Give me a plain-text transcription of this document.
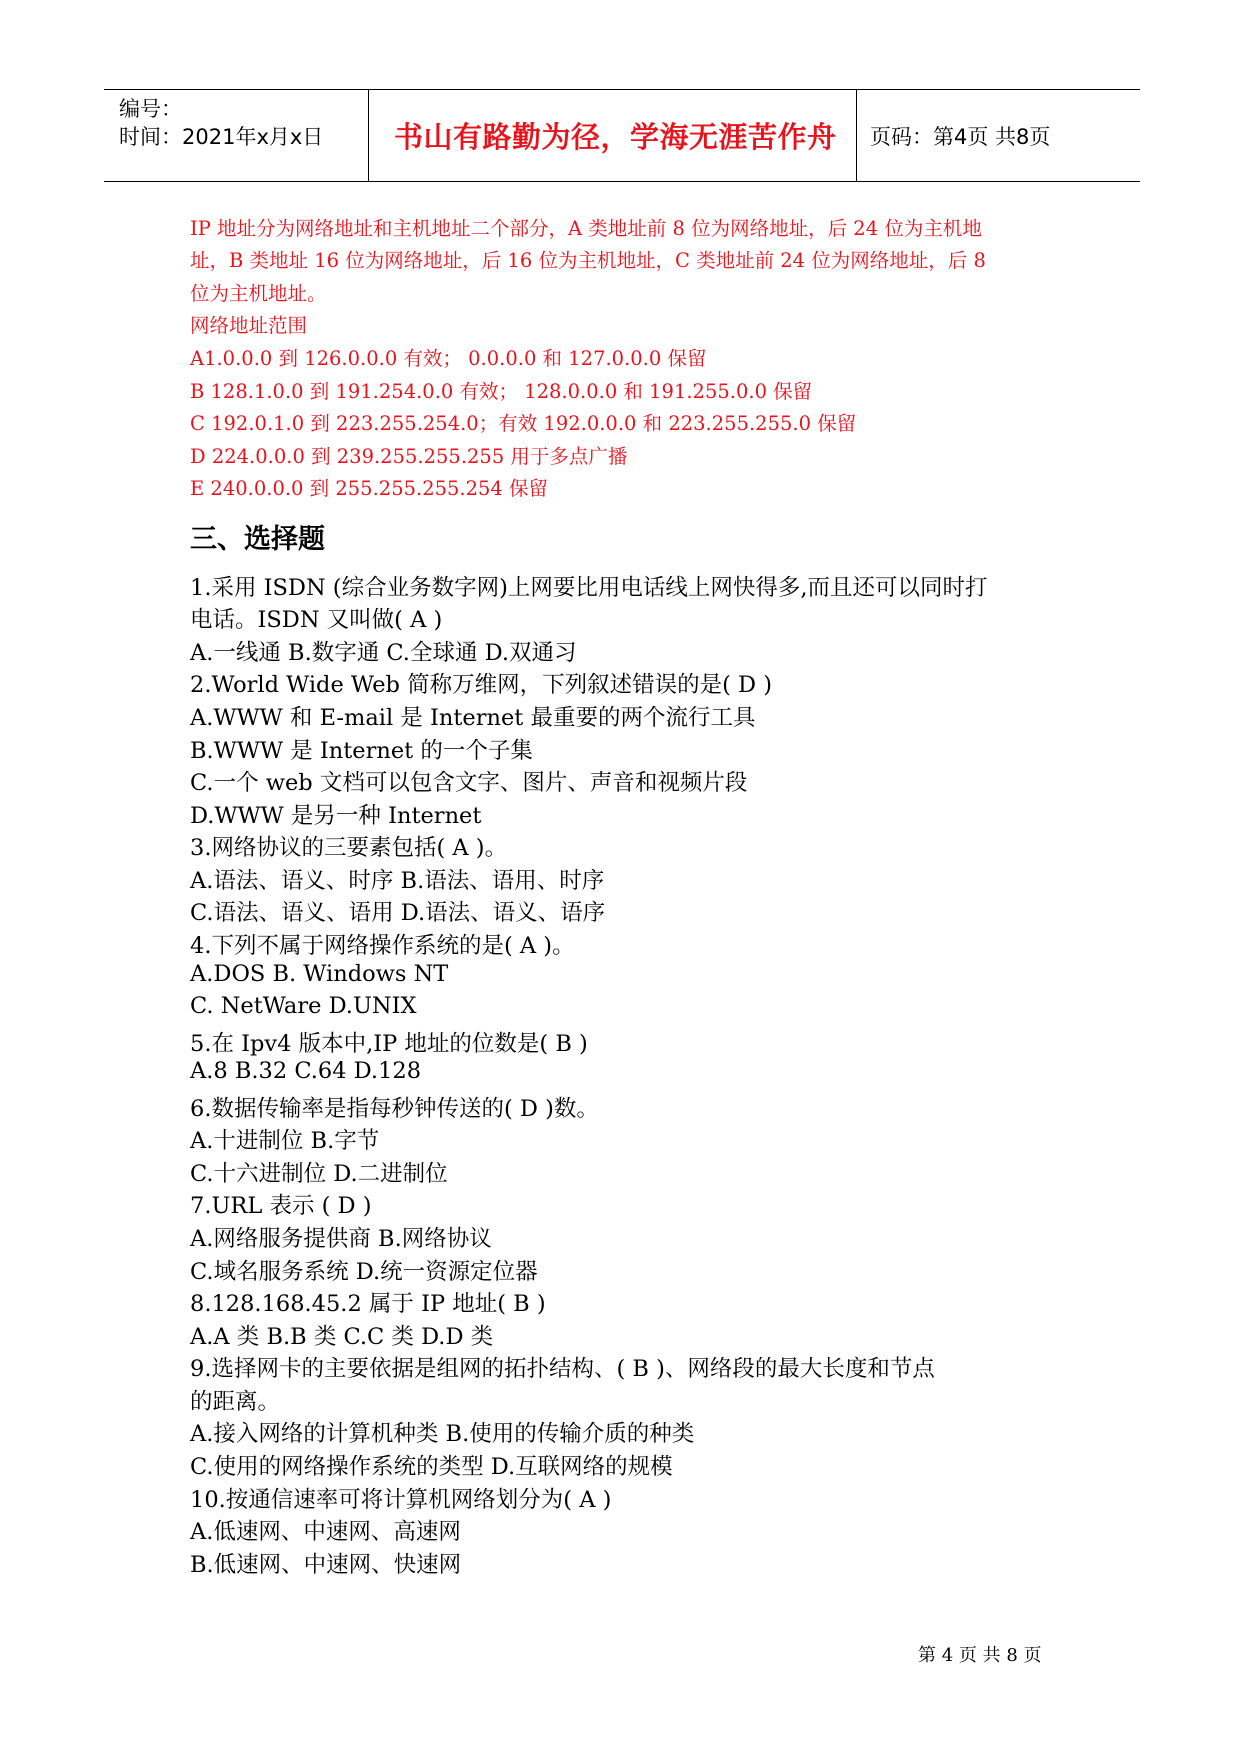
编号：
时间：2021年x月x日 书山有路勤为径，学海无涯苦作舟 页码：第4页 共8页
IP 地址分为网络地址和主机地址二个部分，A 类地址前 8 位为网络地址，后 24 位为主机地
址，B 类地址 16 位为网络地址，后 16 位为主机地址，C 类地址前 24 位为网络地址，后 8
位为主机地址。
网络地址范围
A1.0.0.0 到 126.0.0.0 有效； 0.0.0.0 和 127.0.0.0 保留
B 128.1.0.0 到 191.254.0.0 有效； 128.0.0.0 和 191.255.0.0 保留
C 192.0.1.0 到 223.255.254.0；有效 192.0.0.0 和 223.255.255.0 保留
D 224.0.0.0 到 239.255.255.255 用于多点广播
E 240.0.0.0 到 255.255.255.254 保留
三、选择题
1.采用 ISDN (综合业务数字网)上网要比用电话线上网快得多,而且还可以同时打
电话。ISDN 又叫做( A )
A.一线通 B.数字通 C.全球通 D.双通习
2.World Wide Web 简称万维网，下列叙述错误的是( D )
A.WWW 和 E-mail 是 Internet 最重要的两个流行工具
B.WWW 是 Internet 的一个子集
C.一个 web 文档可以包含文字、图片、声音和视频片段
D.WWW 是另一种 Internet
3.网络协议的三要素包括( A )。
A.语法、语义、时序 B.语法、语用、时序
C.语法、语义、语用 D.语法、语义、语序
4.下列不属于网络操作系统的是( A )。
A.DOS B. Windows NT
C. NetWare D.UNIX
5.在 Ipv4 版本中,IP 地址的位数是( B )
A.8 B.32 C.64 D.128
6.数据传输率是指每秒钟传送的( D )数。
A.十进制位 B.字节
C.十六进制位 D.二进制位
7.URL 表示 ( D )
A.网络服务提供商 B.网络协议
C.域名服务系统 D.统一资源定位器
8.128.168.45.2 属于 IP 地址( B )
A.A 类 B.B 类 C.C 类 D.D 类
9.选择网卡的主要依据是组网的拓扑结构、( B )、网络段的最大长度和节点
的距离。
A.接入网络的计算机种类 B.使用的传输介质的种类
C.使用的网络操作系统的类型 D.互联网络的规模
10.按通信速率可将计算机网络划分为( A )
A.低速网、中速网、高速网
B.低速网、中速网、快速网
第 4 页 共 8 页
